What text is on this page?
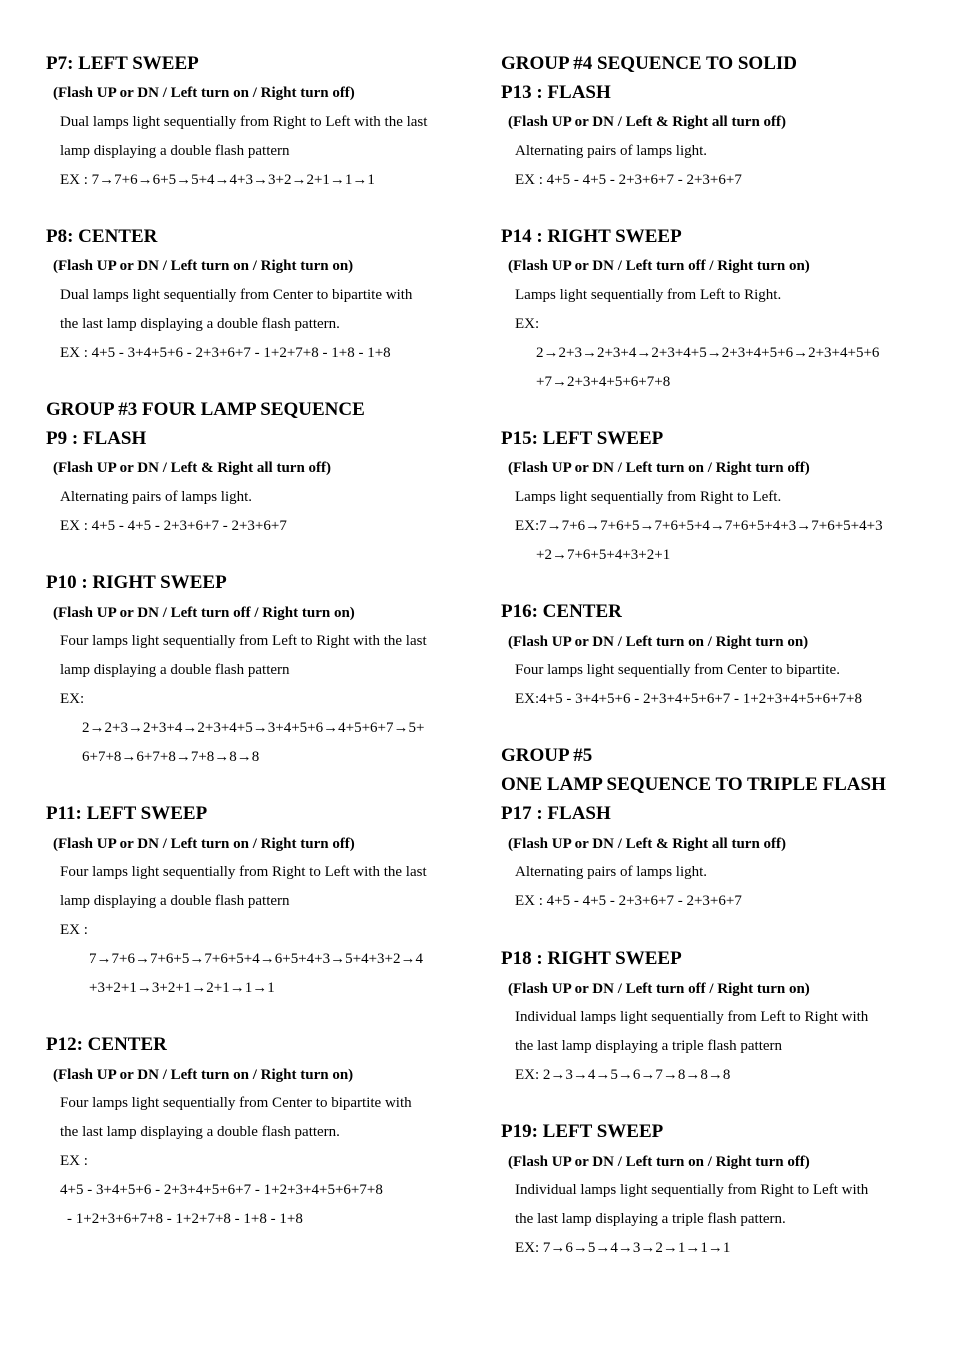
P7: LEFT SWEEP
(Flash UP or DN / Left turn on / Right turn off)
Dual lamps light sequentially from Right to Left with the last
lamp displaying a double flash pattern
EX : 7→7+6→6+5→5+4→4+3→3+2→2+1→1→1
P8: CENTER
(Flash UP or DN / Left turn on / Right turn on)
Dual lamps light sequentially from Center to bipartite with
the last lamp displaying a double flash pattern.
EX : 4+5 - 3+4+5+6 - 2+3+6+7 - 1+2+7+8 - 1+8 - 1+8
GROUP #3 FOUR LAMP SEQUENCE
P9 : FLASH
(Flash UP or DN / Left & Right all turn off)
Alternating pairs of lamps light.
EX : 4+5 - 4+5 - 2+3+6+7 - 2+3+6+7
P10 : RIGHT SWEEP
(Flash UP or DN / Left turn off / Right turn on)
Four lamps light sequentially from Left to Right with the last
lamp displaying a double flash pattern
EX:
2→2+3→2+3+4→2+3+4+5→3+4+5+6→4+5+6+7→5+
6+7+8→6+7+8→7+8→8→8
P11: LEFT SWEEP
(Flash UP or DN / Left turn on / Right turn off)
Four lamps light sequentially from Right to Left with the last
lamp displaying a double flash pattern
EX :
7→7+6→7+6+5→7+6+5+4→6+5+4+3→5+4+3+2→4
+3+2+1→3+2+1→2+1→1→1
P12: CENTER
(Flash UP or DN / Left turn on / Right turn on)
Four lamps light sequentially from Center to bipartite with
the last lamp displaying a double flash pattern.
EX :
4+5 - 3+4+5+6 - 2+3+4+5+6+7 - 1+2+3+4+5+6+7+8
- 1+2+3+6+7+8 - 1+2+7+8 - 1+8 - 1+8
GROUP #4 SEQUENCE TO SOLID
P13 : FLASH
(Flash UP or DN / Left & Right all turn off)
Alternating pairs of lamps light.
EX : 4+5 - 4+5 - 2+3+6+7 - 2+3+6+7
P14 : RIGHT SWEEP
(Flash UP or DN / Left turn off / Right turn on)
Lamps light sequentially from Left to Right.
EX:
2→2+3→2+3+4→2+3+4+5→2+3+4+5+6→2+3+4+5+6
+7→2+3+4+5+6+7+8
P15: LEFT SWEEP
(Flash UP or DN / Left turn on / Right turn off)
Lamps light sequentially from Right to Left.
EX:7→7+6→7+6+5→7+6+5+4→7+6+5+4+3→7+6+5+4+3
+2→7+6+5+4+3+2+1
P16: CENTER
(Flash UP or DN / Left turn on / Right turn on)
Four lamps light sequentially from Center to bipartite.
EX:4+5 - 3+4+5+6 - 2+3+4+5+6+7 - 1+2+3+4+5+6+7+8
GROUP #5
ONE LAMP SEQUENCE TO TRIPLE FLASH
P17 : FLASH
(Flash UP or DN / Left & Right all turn off)
Alternating pairs of lamps light.
EX : 4+5 - 4+5 - 2+3+6+7 - 2+3+6+7
P18 : RIGHT SWEEP
(Flash UP or DN / Left turn off / Right turn on)
Individual lamps light sequentially from Left to Right with
the last lamp displaying a triple flash pattern
EX: 2→3→4→5→6→7→8→8→8
P19: LEFT SWEEP
(Flash UP or DN / Left turn on / Right turn off)
Individual lamps light sequentially from Right to Left with
the last lamp displaying a triple flash pattern.
EX: 7→6→5→4→3→2→1→1→1
